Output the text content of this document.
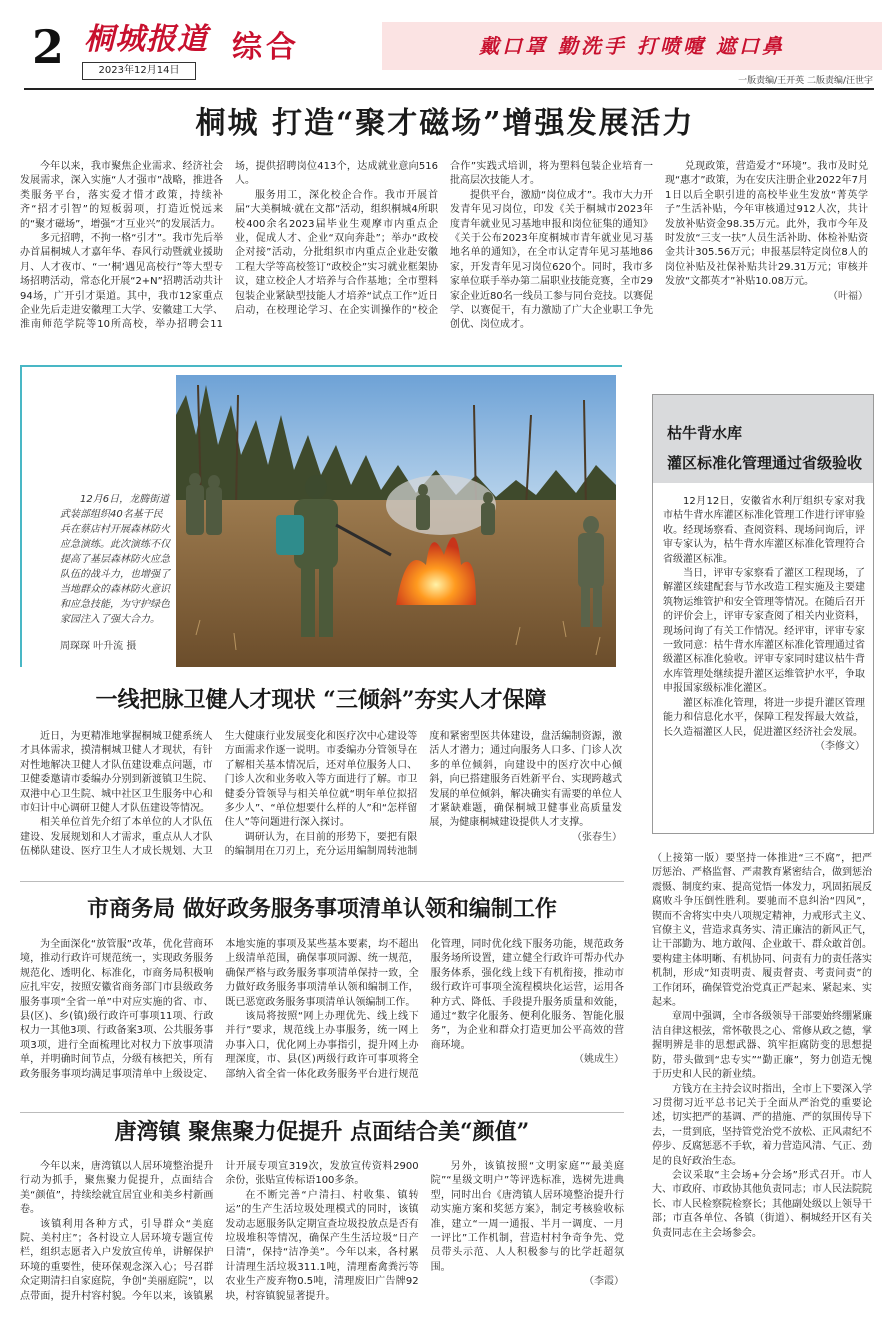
2 桐城报道
2023年12月14日
综合	戴口罩 勤洗手 打喷嚏 遮口鼻
一版责编/王开英 二版责编/汪世宇
桐城 打造“聚才磁场”增强发展活力

今年以来，我市聚焦企业需求、经济社会发展需求，深入实施“人才强市”战略，推进各类服务平台，落实爱才惜才政策，持续补齐“招才引智”的短板弱项，打造近悦远来的“聚才磁场”，增强“才互业兴”的发展活力。

多元招聘，不拘一格“引才”。我市先后举办首届桐城人才嘉年华、春风行动暨就业援助月、人才夜市、“一‘桐’遇见高校行”等大型专场招聘活动，常态化开展“2+N”招聘活动共计94场，广开引才渠道。其中，我市12家重点企业先后走进安徽理工大学、安徽建工大学、淮南师范学院等10所高校，举办招聘会11场，提供招聘岗位413个，达成就业意向516人。

服务用工，深化校企合作。我市开展首届“大美桐城·就在文都”活动，组织桐城4所职校400余名2023届毕业生观摩市内重点企业，促成人才、企业“双向奔赴”；举办“政校企对接”活动，分批组织市内重点企业赴安徽工程大学等高校签订“政校企”实习就业框架协议，建立校企人才培养与合作基地；全市塑料包装企业紧缺型技能人才培养“试点工作”近日启动，在校理论学习、在企实训操作的“校企合作”实践式培训，将为塑料包装企业培育一批高层次技能人才。

提供平台，激励“岗位成才”。我市大力开发青年见习岗位，印发《关于桐城市2023年度青年就业见习基地申报和岗位征集的通知》《关于公布2023年度桐城市青年就业见习基地名单的通知》，在全市认定青年见习基地86家，开发青年见习岗位620个。同时，我市多家单位联手举办第二届职业技能竞赛，全市29家企业近80名一线员工参与同台竞技。以赛促学、以赛促干，有力激励了广大企业职工争先创优、岗位成才。

兑现政策，营造爱才“环境”。我市及时兑现“惠才”政策，为在安庆注册企业2022年7月1日以后全职引进的高校毕业生发放“菁英学子”生活补贴，今年审核通过912人次，共计发放补贴资金98.35万元。此外，我市今年及时发放“三支一扶”人员生活补助、体检补贴资金共计305.56万元；申报基层特定岗位8人的岗位补贴及社保补贴共计29.31万元；审核并发放“文都英才”补贴10.08万元。

（叶福）
12月6日，龙腾街道武装部组织40名基干民兵在蔡店村开展森林防火应急演练。此次演练不仅提高了基层森林防火应急队伍的战斗力，也增强了当地群众的森林防火意识和应急技能，为守护绿色家园注入了强大合力。
周琛琛 叶升流 摄
一线把脉卫健人才现状 “三倾斜”夯实人才保障

近日，为更精准地掌握桐城卫健系统人才具体需求，摸清桐城卫健人才现状，有针对性地解决卫健人才队伍建设难点问题，市卫健委邀请市委编办分别到新渡镇卫生院、双港中心卫生院、城中社区卫生服务中心和市妇计中心调研卫健人才队伍建设等情况。

相关单位首先介绍了本单位的人才队伍建设、发展规划和人才需求，重点从人才队伍梯队建设、医疗卫生人才成长规划、大卫生大健康行业发展变化和医疗次中心建设等方面需求作逐一说明。市委编办分管领导在了解相关基本情况后，还对单位服务人口、门诊人次和业务收入等方面进行了解。市卫健委分管领导与相关单位就“明年单位拟招多少人”、“单位想要什么样的人”和“怎样留住人”等问题进行深入探讨。

调研认为，在目前的形势下，要把有限的编制用在刀刃上，充分运用编制周转池制度和紧密型医共体建设，盘活编制资源，激活人才潜力；通过向服务人口多、门诊人次多的单位倾斜，向建设中的医疗次中心倾斜，向已搭建服务百姓新平台、实现跨越式发展的单位倾斜，解决确实有需要的单位人才紧缺难题，确保桐城卫健事业高质量发展，为健康桐城建设提供人才支撑。

（张春生）
市商务局 做好政务服务事项清单认领和编制工作

为全面深化“放管服”改革，优化营商环境，推动行政许可规范统一，实现政务服务规范化、透明化、标准化，市商务局积极响应扎牢安，按照安徽省商务部门市县级政务服务事项“全省一单”中对应实施的省、市、县(区)、乡(镇)级行政许可事项11项、行政权力一其他3项、行政备案3项、公共服务事项3项，进行全面梳理比对权力下放事项清单，并明确时间节点，分级有核把关，所有政务服务事项均满足事项清单中上级设定、本地实施的事项及某些基本要素，均不超出上级清单范围，确保事项同源、统一规范，确保严格与政务服务事项清单保持一致，全力做好政务服务事项清单认领和编制工作，既已恶宽政务服务事项清单认领编制工作。

该局将按照“网上办理优先、线上线下并行”要求，规范线上办事服务，统一网上办事入口，优化网上办事指引，提升网上办理深度，市、县(区)两级行政许可事项将全部纳入省全省一体化政务服务平台进行规范化管理，同时优化线下服务功能，规范政务服务场所设置，建立健全行政许可帮办代办服务体系，强化线上线下有机衔接，推动市级行政许可事项全流程模块化运营，运用各种方式、降低、手段提升服务质量和效能，通过“数字化服务、便利化服务、智能化服务”，为企业和群众打造更加公平高效的营商环境。

（姚成生）
唐湾镇 聚焦聚力促提升 点面结合美“颜值”

今年以来，唐湾镇以人居环境整治提升行动为抓手，聚焦聚力促提升，点面结合美“颜值”，持续绘就宜居宜业和美乡村新画卷。

该镇利用各种方式，引导群众“美庭院、美村庄”；各村设立人居环境专题宣传栏，组织志愿者入户发放宣传单，讲解保护环境的重要性，使环保观念深入心；号召群众定期清扫自家庭院，争创“美丽庭院”，以点带面，提升村容村貌。今年以来，该镇累计开展专项宣319次，发放宣传资料2900余份，张贴宣传标语100多条。

在不断完善“户清扫、村收集、镇转运”的生产生活垃圾处理模式的同时，该镇发动志愿服务队定期宣查垃圾投放点是否有垃圾堆积等情况，确保产生生活垃圾“日产日清”，保持“洁净美”。今年以来，各村累计清理生活垃圾311.1吨，清理畜禽粪污等农业生产废弃物0.5吨，清理废旧广告牌92块，村容镇貌显著提升。

另外，该镇按照“文明家庭”“最美庭院”“星级文明户”等评选标准，选树先进典型，同时出台《唐湾镇人居环境整治提升行动实施方案和奖惩方案》，制定考核验收标准，建立“一周一通报、半月一调度、一月一评比”工作机制，营造村村争奇争先、党员带头示范、人人积极参与的比学赶超氛围。

（李霞）
枯牛背水库
灌区标准化管理通过省级验收

12月12日，安徽省水利厅组织专家对我市枯牛背水库灌区标准化管理工作进行评审验收。经现场察看、查阅资料、现场问询后，评审专家认为，枯牛背水库灌区标准化管理符合省级灌区标准。

当日，评审专家察看了灌区工程现场，了解灌区续建配套与节水改造工程实施及主要建筑物运维管护和安全管理等情况。在随后召开的评价会上，评审专家查阅了相关内业资料，现场问询了有关工作情况。经评审，评审专家一致同意：枯牛背水库灌区标准化管理通过省级灌区标准化验收。评审专家同时建议枯牛背水库管理处继续提升灌区运维管护水平，争取申报国家级标准化灌区。

灌区标准化管理，将进一步提升灌区管理能力和信息化水平，保障工程发挥最大效益，长久造福灌区人民，促进灌区经济社会发展。

（李修文）

（上接第一版）要坚持一体推进“三不腐”，把严厉惩治、严格监督、严肃教育紧密结合，做到惩治震慑、制度约束、提高觉悟一体发力，巩固拓展反腐败斗争压倒性胜利。要驰而不息纠治“四风”，锲而不舍将实中央八项规定精神，力戒形式主义、官僚主义，营造求真务实、清正廉洁的新风正气，让干部勤为、地方敢闯、企业敢干、群众敢首创。要构建主体明晰、有机协同、问责有力的责任落实机制，形成“知责明责、履责督责、考责问责”的工作闭环，确保管党治党真正严起来、紧起来、实起来。

章周中强调，全市各级领导干部要始终绷紧廉洁自律这根弦，常怀敬畏之心、常修从政之德，掌握明辨是非的思想武器、筑牢拒腐防变的思想提防，带头做到“忠专实”“勤正廉”，努力创造无愧于历史和人民的新业绩。

方钱方在主持会议时指出，全市上下要深入学习贯彻习近平总书记关于全面从严治党的重要论述，切实把严的基调、严的措施、严的氛围传导下去，一贯到底，坚持管党治党不放松、正风肃纪不停步、反腐惩恶不手软，着力营造风清、气正、劲足的良好政治生态。

会议采取“主会场+分会场”形式召开。市人大、市政府、市政协其他负责同志；市人民法院院长、市人民检察院检察长；其他副处级以上领导干部；市直各单位、各镇（街道）、桐城经开区有关负责同志在主会场参会。
